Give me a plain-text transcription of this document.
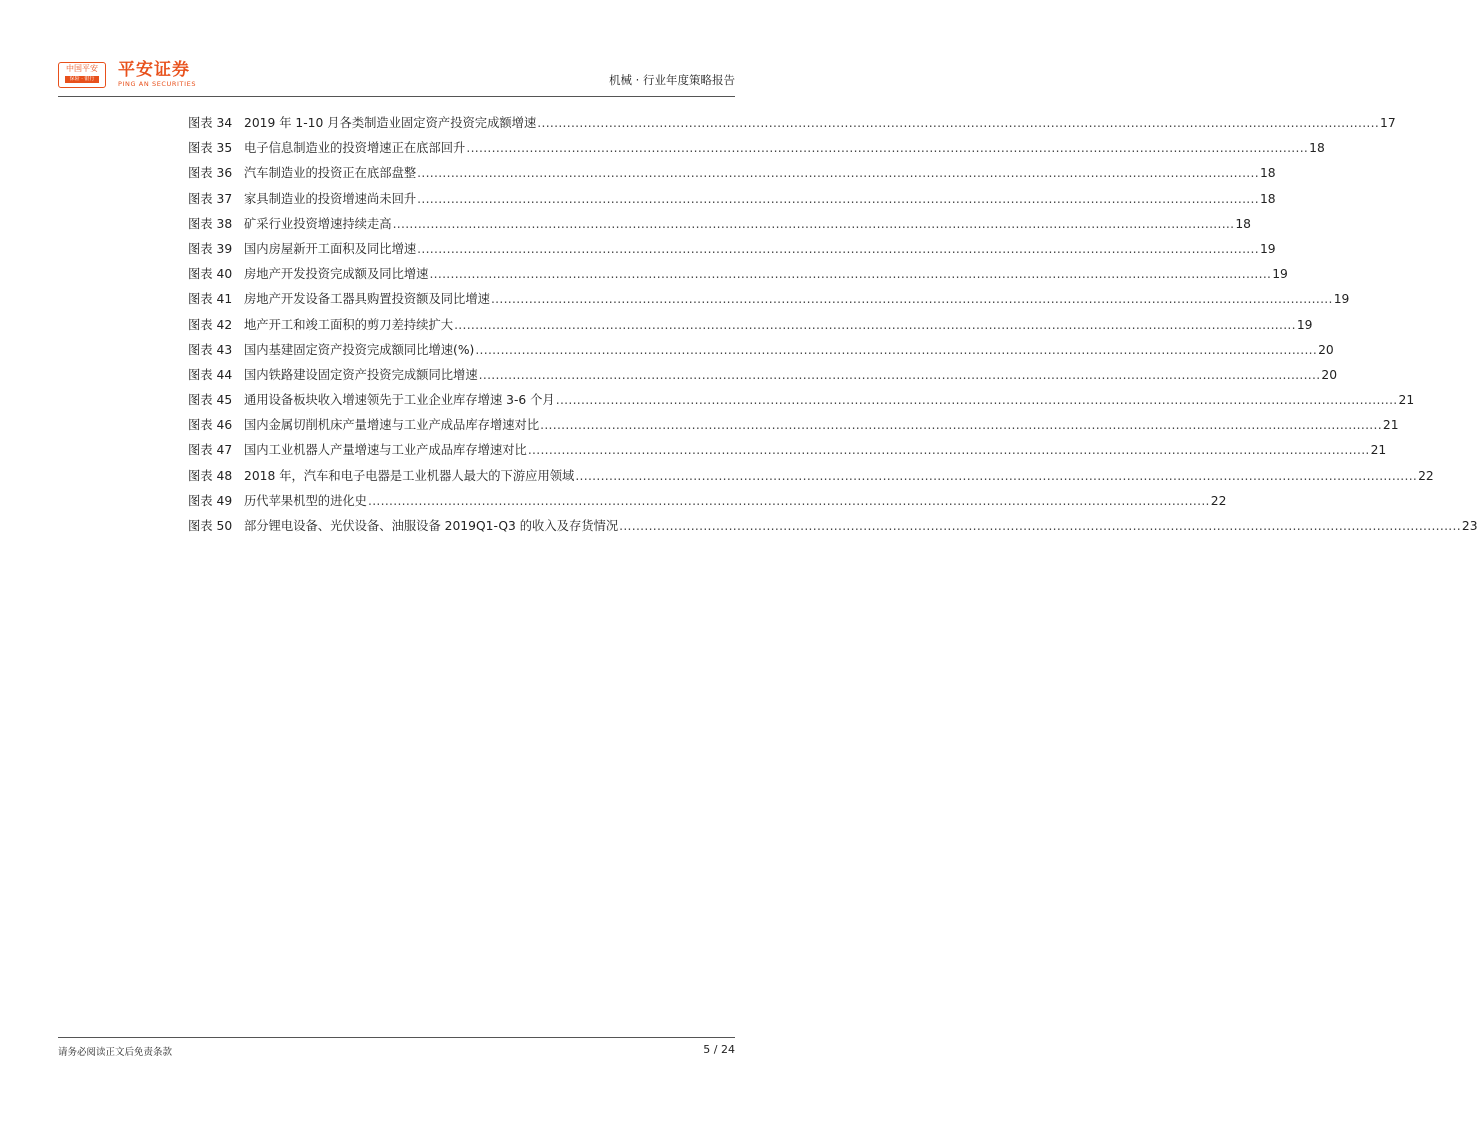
中国平安
保险 · 银行 平安证券
PING AN SECURITIES	机械 · 行业年度策略报告
图表 34 2019 年 1-10 月各类制造业固定资产投资完成额增速 ........................................................................................................................................................................................................ 17
图表 35 电子信息制造业的投资增速正在底部回升 ........................................................................................................................................................................................................ 18
图表 36 汽车制造业的投资正在底部盘整 ........................................................................................................................................................................................................ 18
图表 37 家具制造业的投资增速尚未回升 ........................................................................................................................................................................................................ 18
图表 38 矿采行业投资增速持续走高 ........................................................................................................................................................................................................ 18
图表 39 国内房屋新开工面积及同比增速 ........................................................................................................................................................................................................ 19
图表 40 房地产开发投资完成额及同比增速 ........................................................................................................................................................................................................ 19
图表 41 房地产开发设备工器具购置投资额及同比增速 ........................................................................................................................................................................................................ 19
图表 42 地产开工和竣工面积的剪刀差持续扩大 ........................................................................................................................................................................................................ 19
图表 43 国内基建固定资产投资完成额同比增速(%) ........................................................................................................................................................................................................ 20
图表 44 国内铁路建设固定资产投资完成额同比增速 ........................................................................................................................................................................................................ 20
图表 45 通用设备板块收入增速领先于工业企业库存增速 3-6 个月 ........................................................................................................................................................................................................ 21
图表 46 国内金属切削机床产量增速与工业产成品库存增速对比 ........................................................................................................................................................................................................ 21
图表 47 国内工业机器人产量增速与工业产成品库存增速对比 ........................................................................................................................................................................................................ 21
图表 48 2018 年，汽车和电子电器是工业机器人最大的下游应用领域 ........................................................................................................................................................................................................ 22
图表 49 历代苹果机型的进化史 ........................................................................................................................................................................................................ 22
图表 50 部分锂电设备、光伏设备、油服设备 2019Q1-Q3 的收入及存货情况 ........................................................................................................................................................................................................ 23
请务必阅读正文后免责条款	5 / 24
